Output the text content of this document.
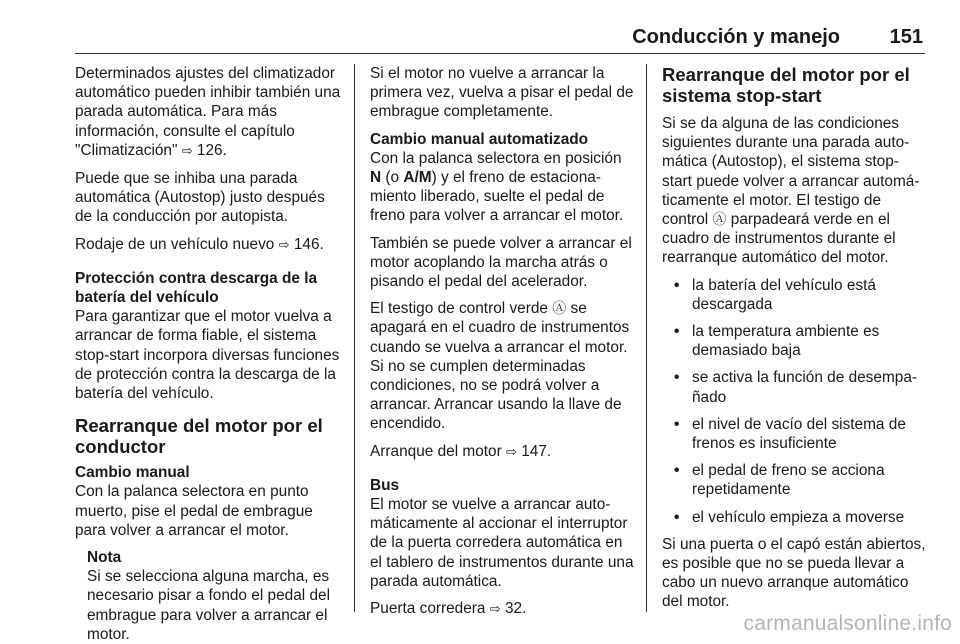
Conducción y manejo 151

Determinados ajustes del climatizador automático pueden inhibir también una parada automática. Para más información, consulte el capítulo "Climatización" ⇨ 126.

Puede que se inhiba una parada automática (Autostop) justo después de la conducción por autopista.

Rodaje de un vehículo nuevo ⇨ 146.

Protección contra descarga de la batería del vehículo

Para garantizar que el motor vuelva a arrancar de forma fiable, el sistema stop-start incorpora diversas funciones de protección contra la descarga de la batería del vehículo.

Rearranque del motor por el conductor
Cambio manual

Con la palanca selectora en punto muerto, pise el pedal de embrague para volver a arrancar el motor.

Nota
Si se selecciona alguna marcha, es necesario pisar a fondo el pedal del embrague para volver a arrancar el motor.

Si el motor no vuelve a arrancar la primera vez, vuelva a pisar el pedal de embrague completamente.

Cambio manual automatizado

Con la palanca selectora en posición N (o A/M) y el freno de estacionamiento liberado, suelte el pedal de freno para volver a arrancar el motor.

También se puede volver a arrancar el motor acoplando la marcha atrás o pisando el pedal del acelerador.

El testigo de control verde Ⓐ se apagará en el cuadro de instrumentos cuando se vuelva a arrancar el motor. Si no se cumplen determinadas condiciones, no se podrá volver a arrancar. Arrancar usando la llave de encendido.

Arranque del motor ⇨ 147.

Bus

El motor se vuelve a arrancar automáticamente al accionar el interruptor de la puerta corredera automática en el tablero de instrumentos durante una parada automática.

Puerta corredera ⇨ 32.

Rearranque del motor por el sistema stop-start

Si se da alguna de las condiciones siguientes durante una parada automática (Autostop), el sistema stop-start puede volver a arrancar automáticamente el motor. El testigo de control Ⓐ parpadeará verde en el cuadro de instrumentos durante el rearranque automático del motor.

• la batería del vehículo está descargada
• la temperatura ambiente es demasiado baja
• se activa la función de desempañado
• el nivel de vacío del sistema de frenos es insuficiente
• el pedal de freno se acciona repetidamente
• el vehículo empieza a moverse

Si una puerta o el capó están abiertos, es posible que no se pueda llevar a cabo un nuevo arranque automático del motor.

carmanualsonline.info
